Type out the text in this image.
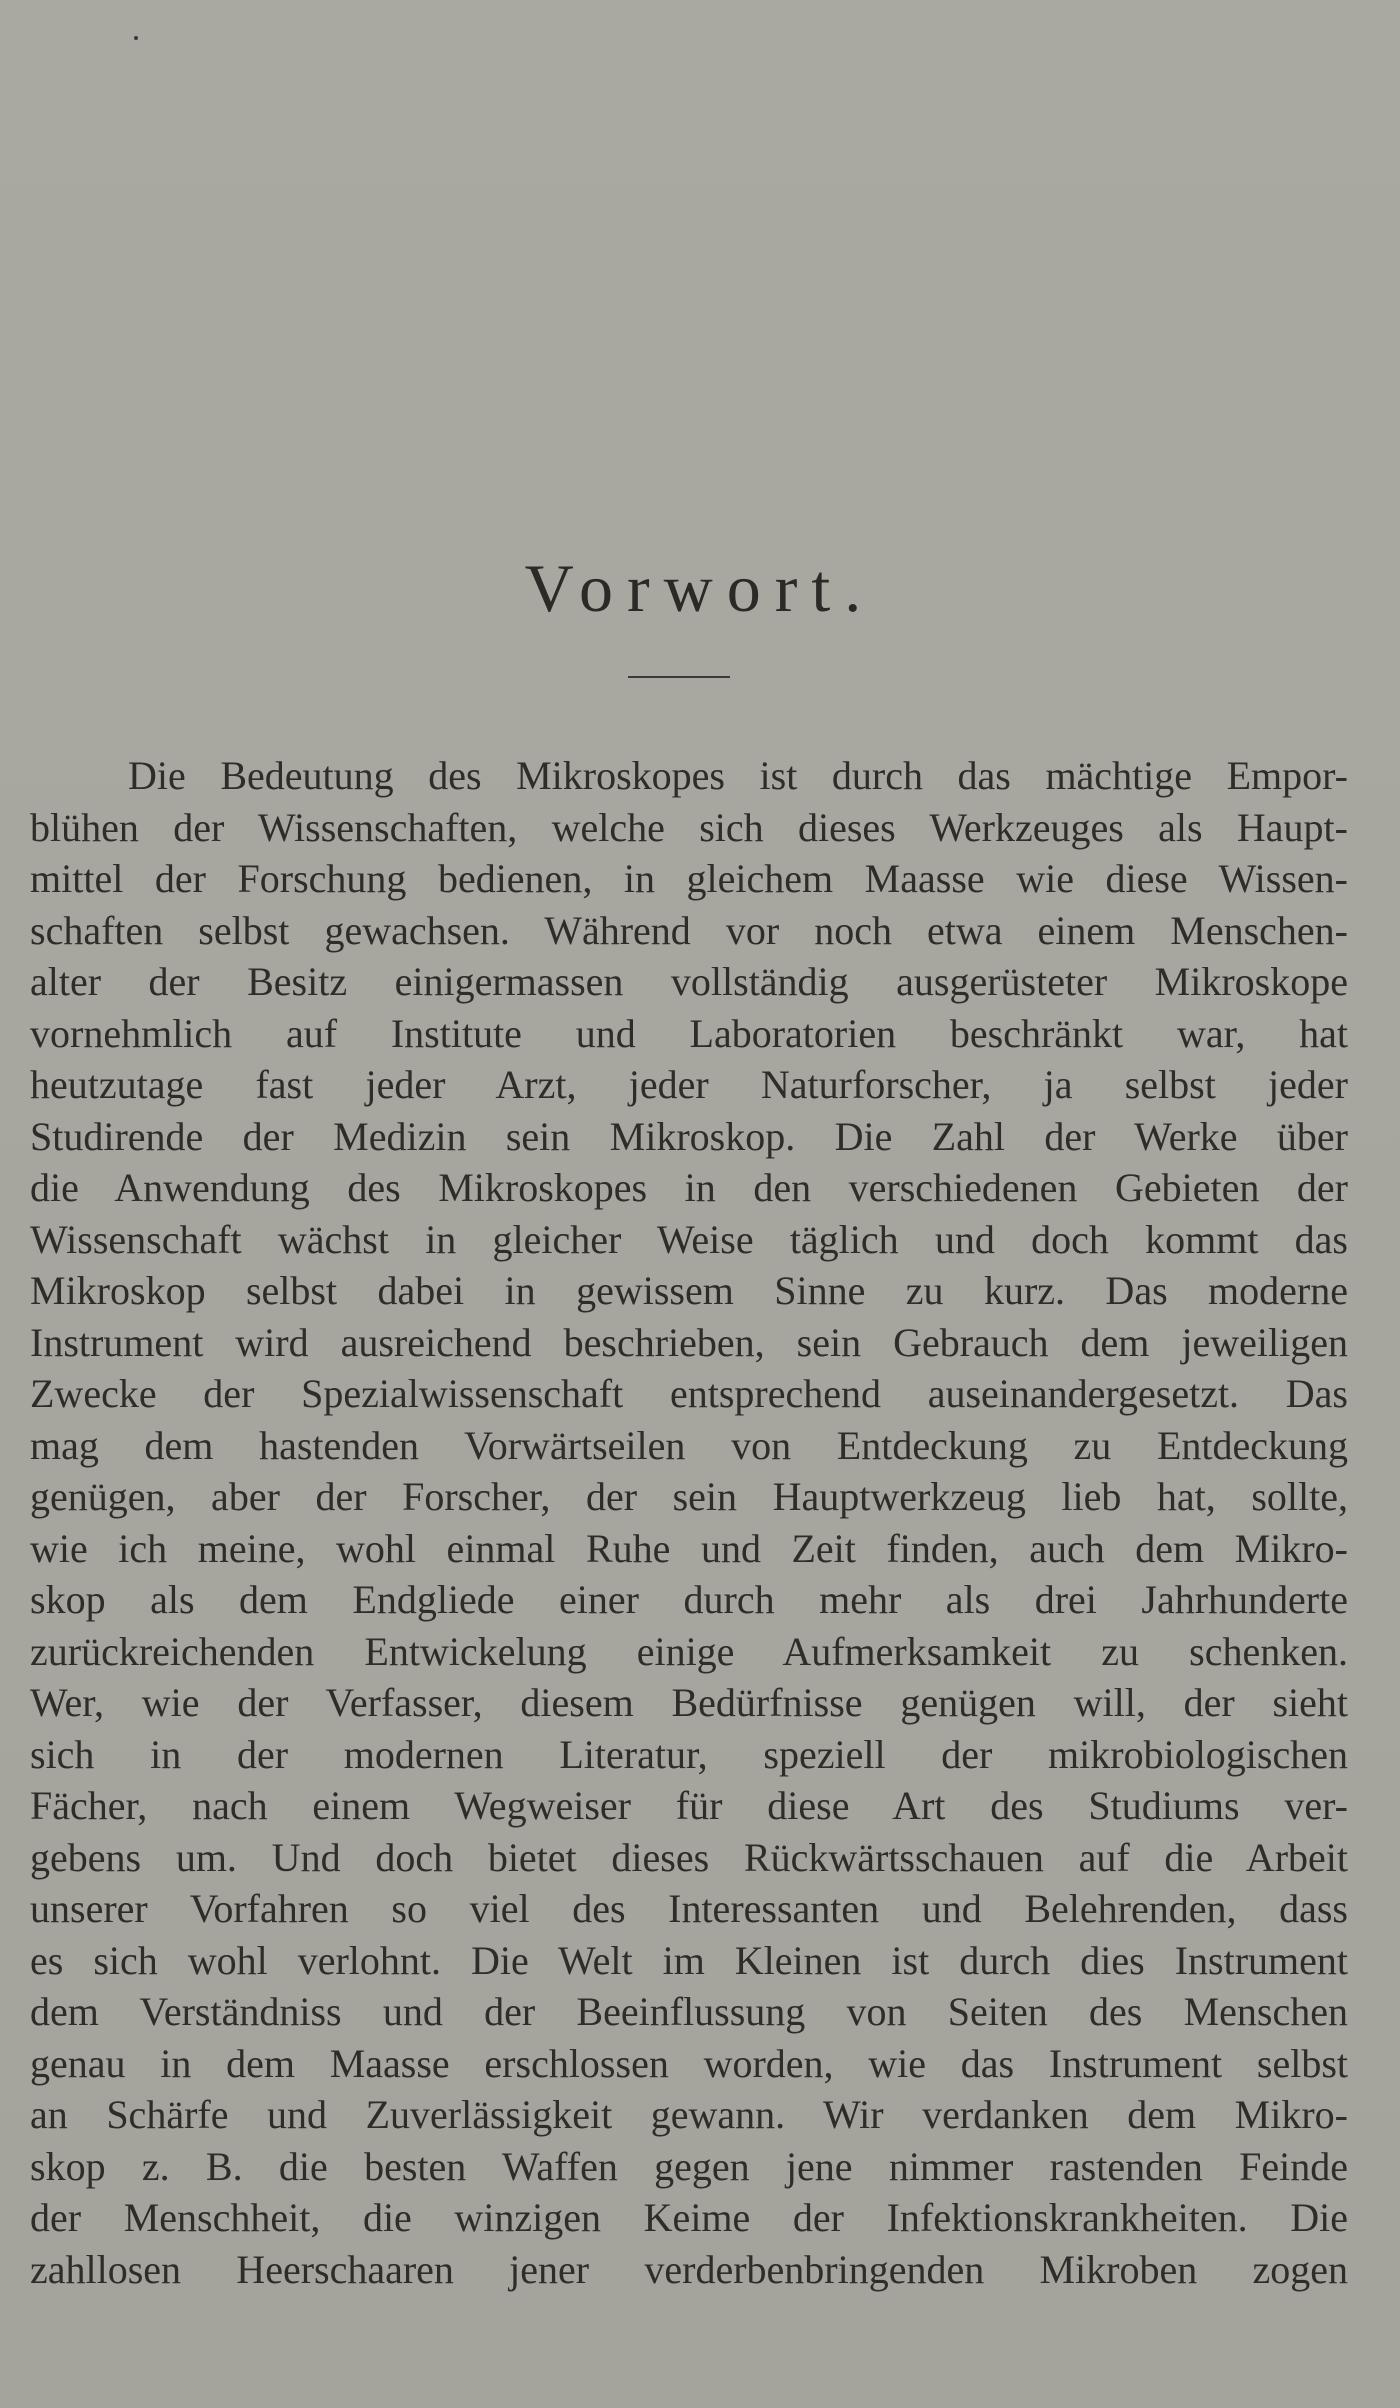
Vorwort.
Die Bedeutung des Mikroskopes ist durch das mächtige Empor-
blühen der Wissenschaften, welche sich dieses Werkzeuges als Haupt-
mittel der Forschung bedienen, in gleichem Maasse wie diese Wissen-
schaften selbst gewachsen. Während vor noch etwa einem Menschen-
alter der Besitz einigermassen vollständig ausgerüsteter Mikroskope
vornehmlich auf Institute und Laboratorien beschränkt war, hat
heutzutage fast jeder Arzt, jeder Naturforscher, ja selbst jeder
Studirende der Medizin sein Mikroskop. Die Zahl der Werke über
die Anwendung des Mikroskopes in den verschiedenen Gebieten der
Wissenschaft wächst in gleicher Weise täglich und doch kommt das
Mikroskop selbst dabei in gewissem Sinne zu kurz. Das moderne
Instrument wird ausreichend beschrieben, sein Gebrauch dem jeweiligen
Zwecke der Spezialwissenschaft entsprechend auseinandergesetzt. Das
mag dem hastenden Vorwärtseilen von Entdeckung zu Entdeckung
genügen, aber der Forscher, der sein Hauptwerkzeug lieb hat, sollte,
wie ich meine, wohl einmal Ruhe und Zeit finden, auch dem Mikro-
skop als dem Endgliede einer durch mehr als drei Jahrhunderte
zurückreichenden Entwickelung einige Aufmerksamkeit zu schenken.
Wer, wie der Verfasser, diesem Bedürfnisse genügen will, der sieht
sich in der modernen Literatur, speziell der mikrobiologischen
Fächer, nach einem Wegweiser für diese Art des Studiums ver-
gebens um. Und doch bietet dieses Rückwärtsschauen auf die Arbeit
unserer Vorfahren so viel des Interessanten und Belehrenden, dass
es sich wohl verlohnt. Die Welt im Kleinen ist durch dies Instrument
dem Verständniss und der Beeinflussung von Seiten des Menschen
genau in dem Maasse erschlossen worden, wie das Instrument selbst
an Schärfe und Zuverlässigkeit gewann. Wir verdanken dem Mikro-
skop z. B. die besten Waffen gegen jene nimmer rastenden Feinde
der Menschheit, die winzigen Keime der Infektionskrankheiten. Die
zahllosen Heerschaaren jener verderbenbringenden Mikroben zogen
